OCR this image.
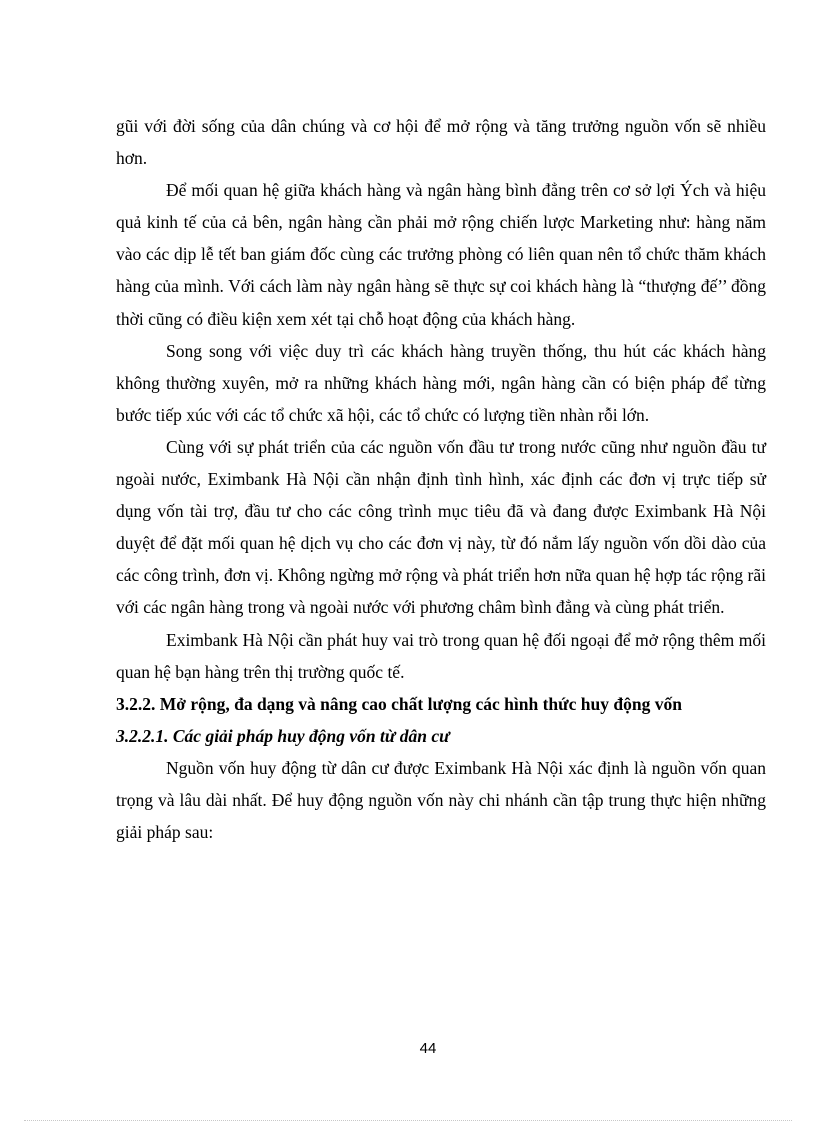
gũi với đời sống của dân chúng và cơ hội để mở rộng và tăng trưởng nguồn vốn sẽ nhiều hơn.

Để mối quan hệ giữa khách hàng và ngân hàng bình đẳng trên cơ sở lợi Ých và hiệu quả kinh tế của cả bên, ngân hàng cần phải mở rộng chiến lược Marketing như: hàng năm vào các dịp lễ tết ban giám đốc cùng các trưởng phòng có liên quan nên tổ chức thăm khách hàng của mình. Với cách làm này ngân hàng sẽ thực sự coi khách hàng là “thượng đế’’ đồng thời cũng có điều kiện xem xét tại chỗ hoạt động của khách hàng.

Song song với việc duy trì các khách hàng truyền thống, thu hút các khách hàng không thường xuyên, mở ra những khách hàng mới, ngân hàng cần có biện pháp để từng bước tiếp xúc với các tổ chức xã hội, các tổ chức có lượng tiền nhàn rỗi lớn.

Cùng với sự phát triển của các nguồn vốn đầu tư trong nước cũng như nguồn đầu tư ngoài nước, Eximbank Hà Nội cần nhận định tình hình, xác định các đơn vị trực tiếp sử dụng vốn tài trợ, đầu tư cho các công trình mục tiêu đã và đang được Eximbank Hà Nội duyệt để đặt mối quan hệ dịch vụ cho các đơn vị này, từ đó nắm lấy nguồn vốn dồi dào của các công trình, đơn vị. Không ngừng mở rộng và phát triển hơn nữa quan hệ hợp tác rộng rãi với các ngân hàng trong và ngoài nước với phương châm bình đẳng và cùng phát triển.

Eximbank Hà Nội cần phát huy vai trò trong quan hệ đối ngoại để mở rộng thêm mối quan hệ bạn hàng trên thị trường quốc tế.

3.2.2. Mở rộng, đa dạng và nâng cao chất lượng các hình thức huy động vốn

3.2.2.1. Các giải pháp huy động vốn từ dân cư

Nguồn vốn huy động từ dân cư được Eximbank Hà Nội xác định là nguồn vốn quan trọng và lâu dài nhất. Để huy động nguồn vốn này chi nhánh cần tập trung thực hiện những giải pháp sau:

44
